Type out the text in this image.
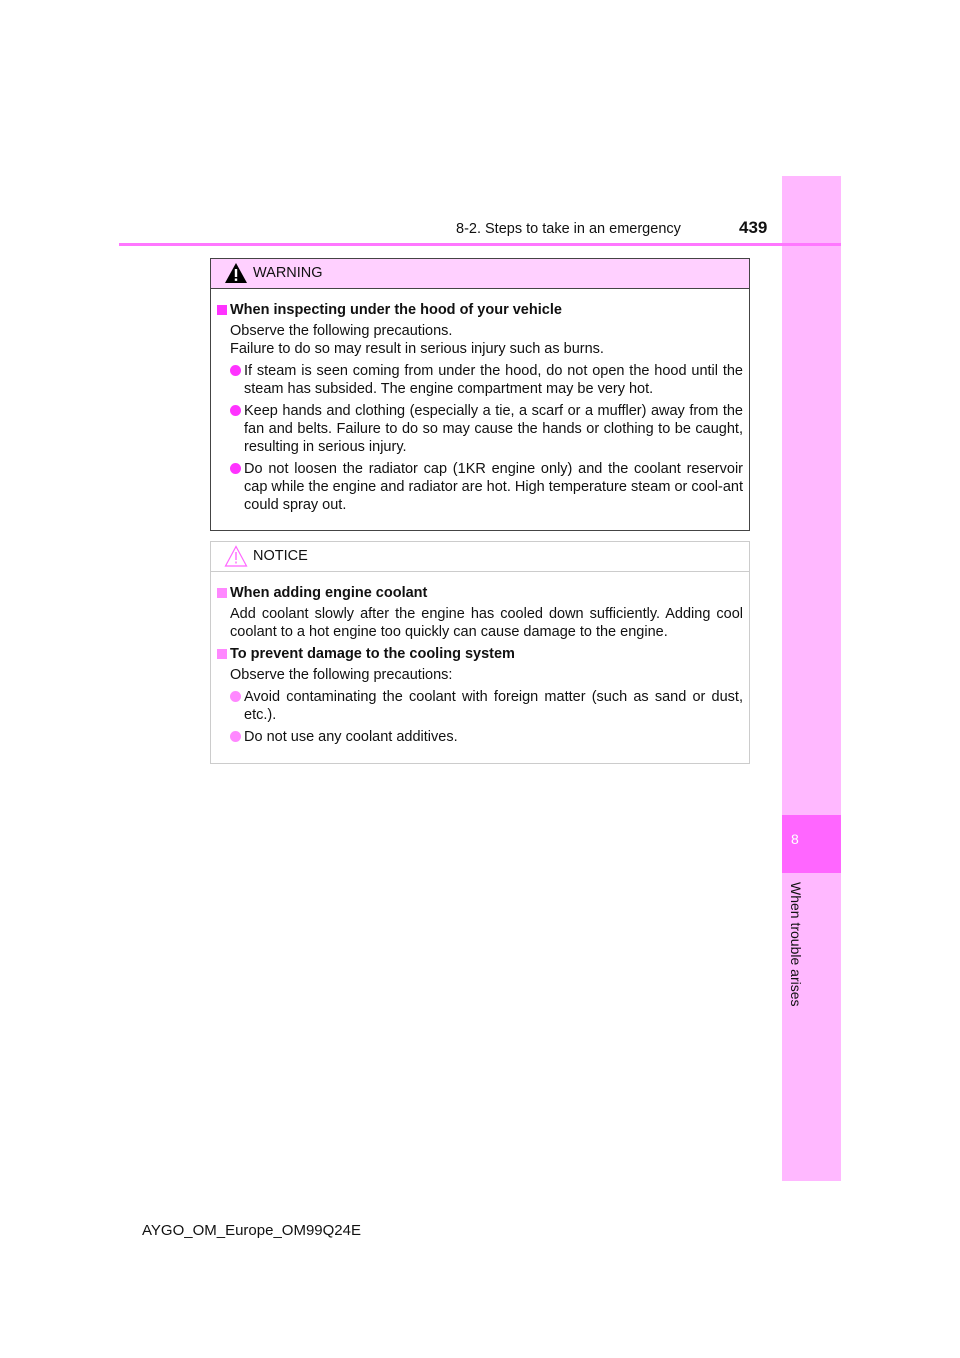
8
When trouble arises
8-2. Steps to take in an emergency	439
WARNING
When inspecting under the hood of your vehicle
Observe the following precautions.
Failure to do so may result in serious injury such as burns.
If steam is seen coming from under the hood, do not open the hood until the steam has subsided. The engine compartment may be very hot.
Keep hands and clothing (especially a tie, a scarf or a muffler) away from the fan and belts. Failure to do so may cause the hands or clothing to be caught, resulting in serious injury.
Do not loosen the radiator cap (1KR engine only) and the coolant reservoir cap while the engine and radiator are hot. High temperature steam or cool-ant could spray out.
NOTICE
When adding engine coolant
Add coolant slowly after the engine has cooled down sufficiently. Adding cool coolant to a hot engine too quickly can cause damage to the engine.
To prevent damage to the cooling system
Observe the following precautions:
Avoid contaminating the coolant with foreign matter (such as sand or dust, etc.).
Do not use any coolant additives.
AYGO_OM_Europe_OM99Q24E
